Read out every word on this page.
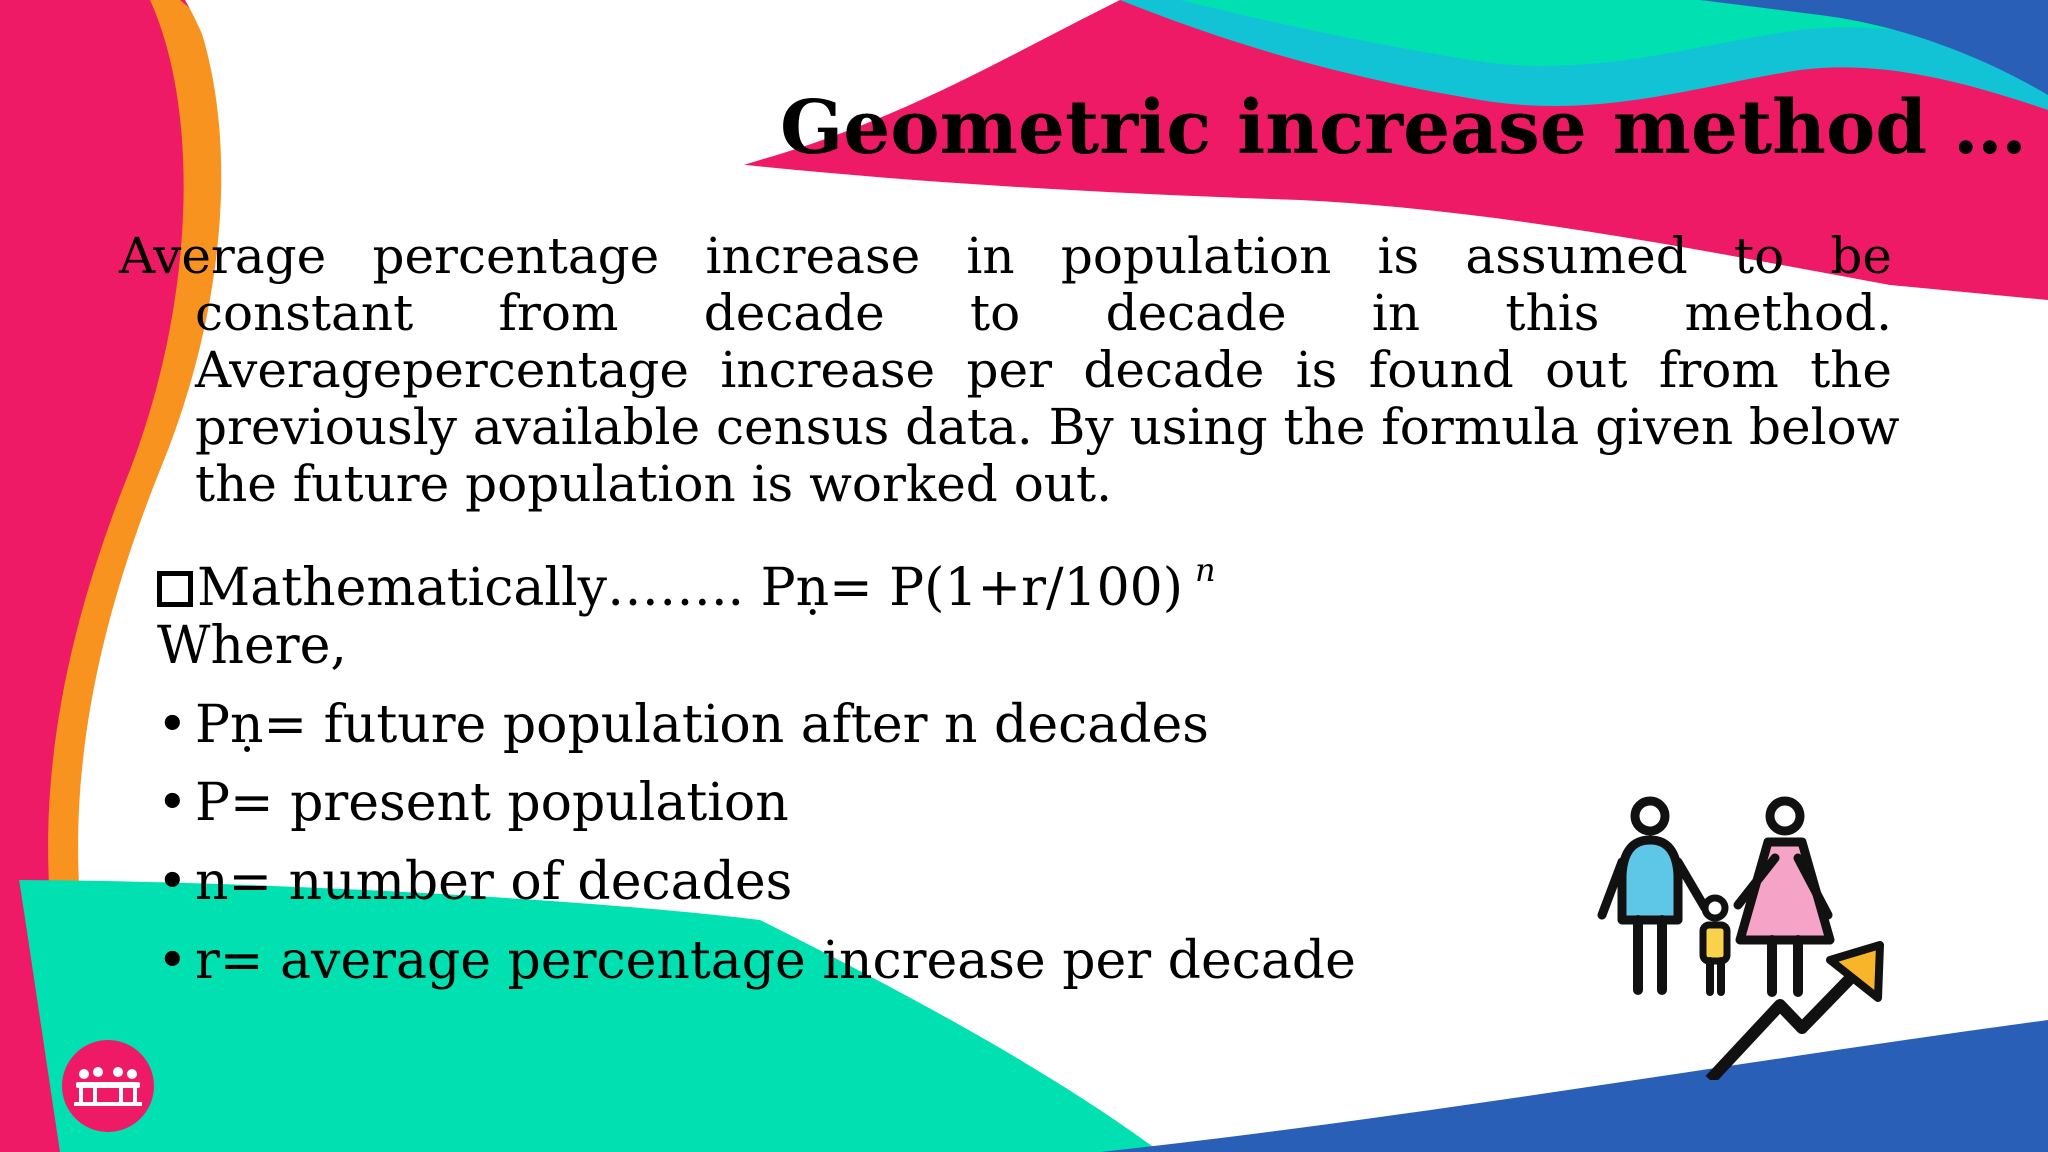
Geometric increase method …
Average percentage increase in population is assumed to be
constant from decade to decade in this method.
Averagepercentage increase per decade is found out from the
previously available census data. By using the formula given below
the future population is worked out.
Mathematically…….. Pṇ= P(1+r/100) $^n$
Where,
• Pṇ= future population after n decades
• P= present population
• n= number of decades
• r= average percentage increase per decade
